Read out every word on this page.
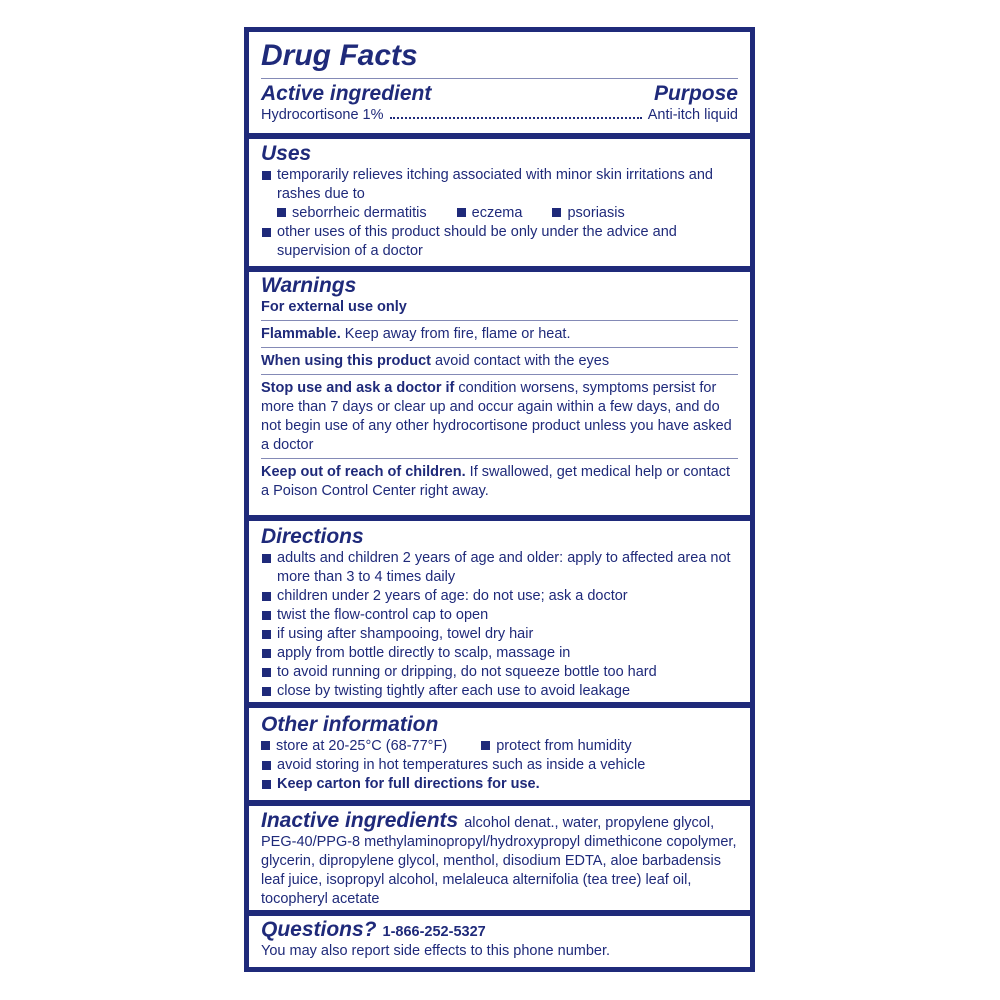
Drug Facts

Active ingredient	Purpose

Hydrocortisone 1%	Anti-itch liquid

Uses

temporarily relieves itching associated with minor skin irritations and rashes due to

seborrheic dermatitis	eczema	psoriasis

other uses of this product should be only under the advice and supervision of a doctor

Warnings

For external use only

Flammable. Keep away from fire, flame or heat.

When using this product avoid contact with the eyes

Stop use and ask a doctor if condition worsens, symptoms persist for more than 7 days or clear up and occur again within a few days, and do not begin use of any other hydrocortisone product unless you have asked a doctor

Keep out of reach of children. If swallowed, get medical help or contact a Poison Control Center right away.

Directions

adults and children 2 years of age and older: apply to affected area not more than 3 to 4 times daily

children under 2 years of age: do not use; ask a doctor

twist the flow-control cap to open

if using after shampooing, towel dry hair

apply from bottle directly to scalp, massage in

to avoid running or dripping, do not squeeze bottle too hard

close by twisting tightly after each use to avoid leakage

Other information

store at 20-25°C (68-77°F)	protect from humidity

avoid storing in hot temperatures such as inside a vehicle

Keep carton for full directions for use.

Inactive ingredients alcohol denat., water, propylene glycol, PEG-40/PPG-8 methylaminopropyl/hydroxypropyl dimethicone copolymer, glycerin, dipropylene glycol, menthol, disodium EDTA, aloe barbadensis leaf juice, isopropyl alcohol, melaleuca alternifolia (tea tree) leaf oil, tocopheryl acetate

Questions? 1-866-252-5327

You may also report side effects to this phone number.
